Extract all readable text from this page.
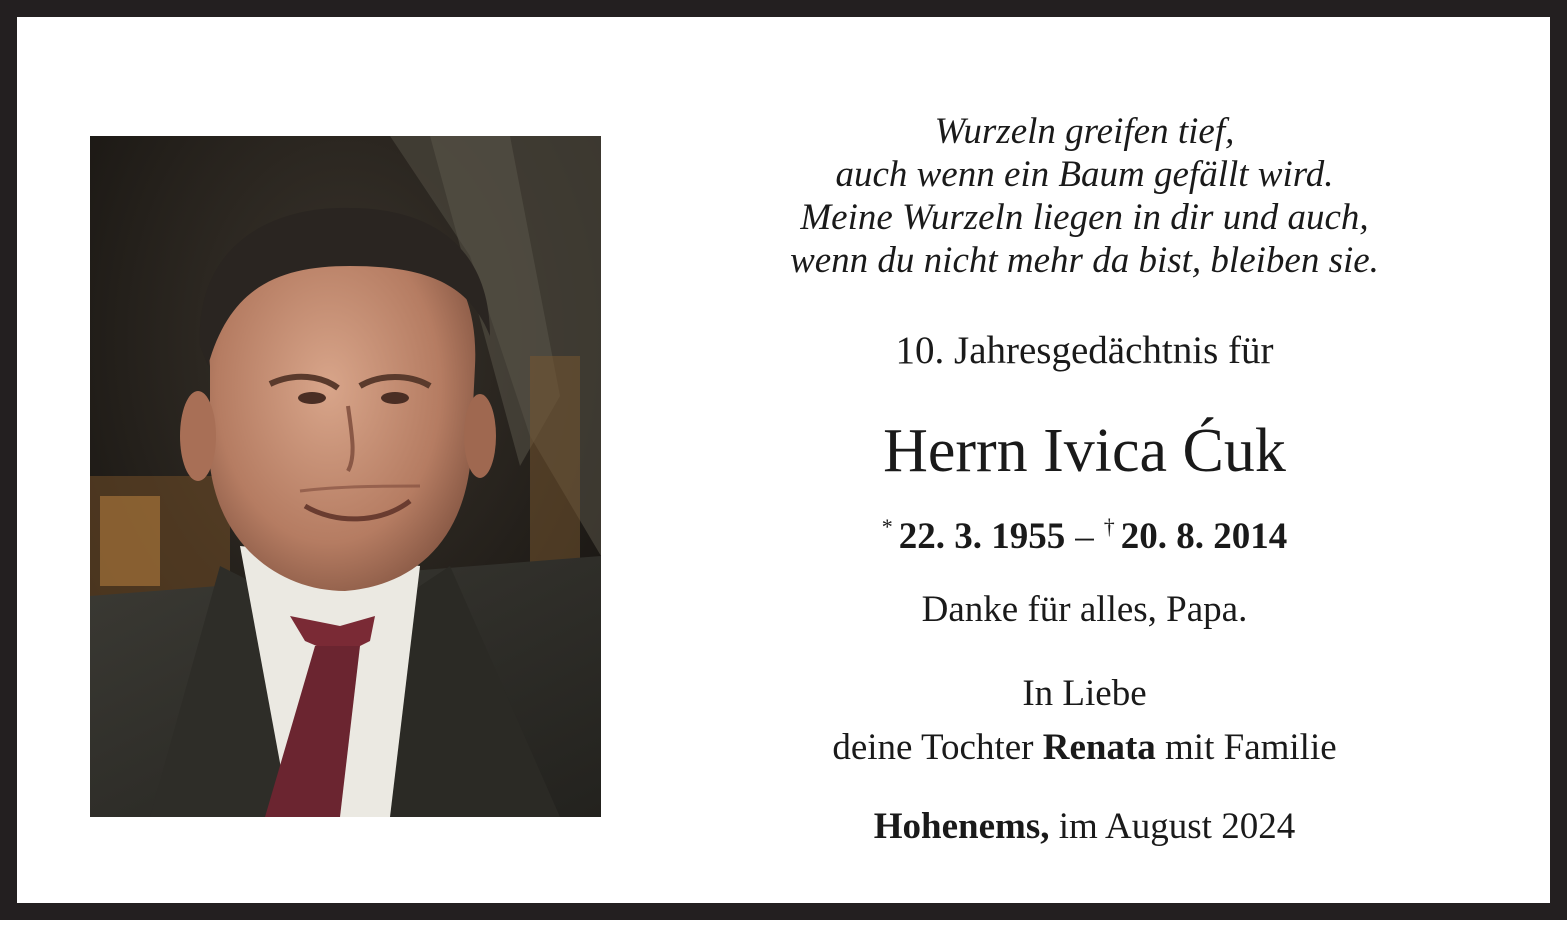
Wurzeln greifen tief,
auch wenn ein Baum gefällt wird.
Meine Wurzeln liegen in dir und auch,
wenn du nicht mehr da bist, bleiben sie.
10. Jahresgedächtnis für
Herrn Ivica Ćuk
* 22. 3. 1955 – † 20. 8. 2014
Danke für alles, Papa.
In Liebe
deine Tochter Renata mit Familie
Hohenems, im August 2024
